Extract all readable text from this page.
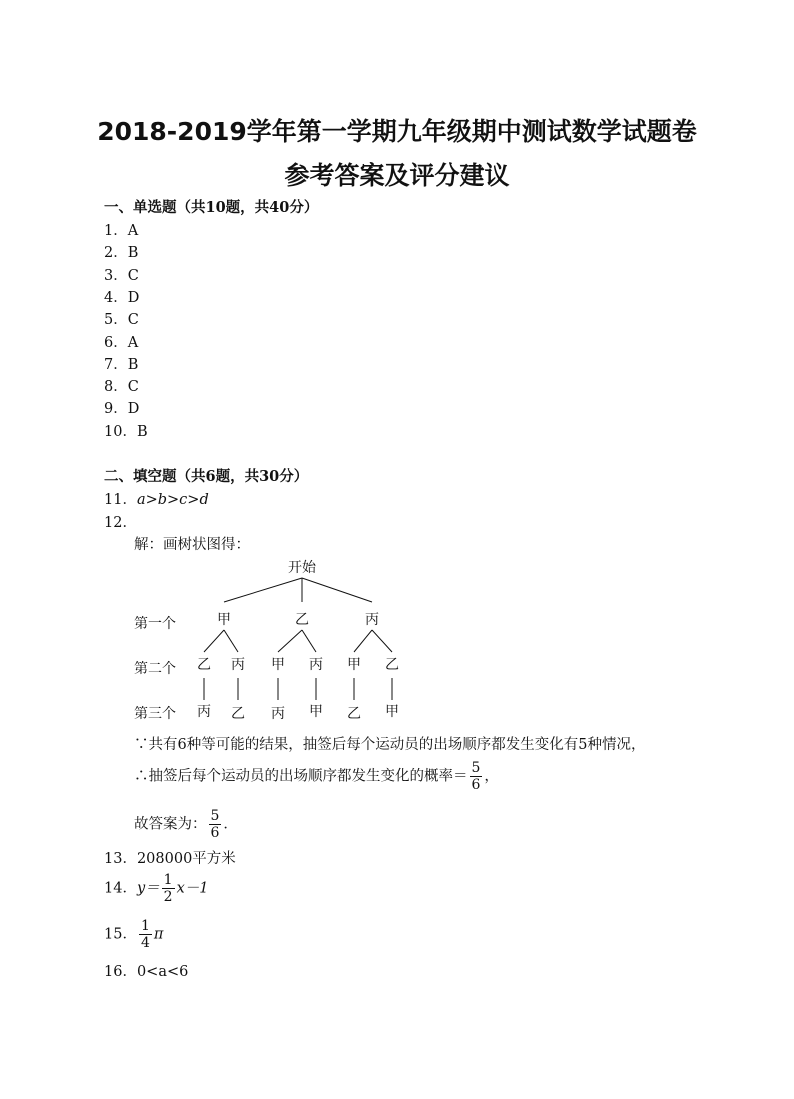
2018-2019学年第一学期九年级期中测试数学试题卷
参考答案及评分建议
一、单选题（共10题，共40分）
1．A
2．B
3．C
4．D
5．C
6．A
7．B
8．C
9．D
10．B
二、填空题（共6题，共30分）
11．a>b>c>d
12．
解：画树状图得：
开始
第一个
第二个
第三个
甲	乙	丙
乙 丙 甲 丙 甲 乙
丙 乙 丙 甲 乙 甲
∵共有6种等可能的结果，抽签后每个运动员的出场顺序都发生变化有5种情况，
∴抽签后每个运动员的出场顺序都发生变化的概率＝ $\frac{5}{6}$ ，
故答案为： $\frac{5}{6}$ ．
13．208000平方米
14．$y= \frac{1}{2} x-1$
15． $\frac{1}{4}$ π
16．0<a<6
